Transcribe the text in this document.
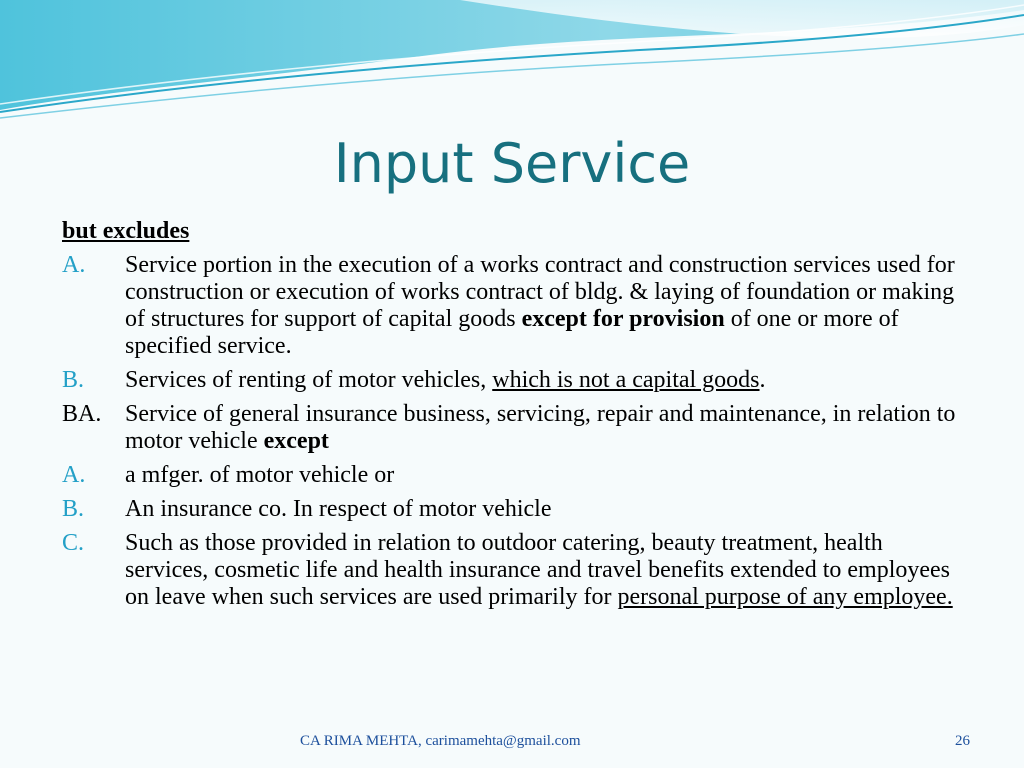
Input Service
but excludes
A.	Service portion in the execution of a works contract and construction services used for construction or execution of works contract of bldg. & laying of foundation or making of structures for support of capital goods except for provision of one or more of specified service.
B.	Services of renting of motor vehicles, which is not a capital goods.
BA. Service of general insurance business, servicing, repair and maintenance, in relation to motor vehicle except
A.	a mfger. of motor vehicle or
B.	An insurance co. In respect of motor vehicle
C.	Such as those provided in relation to outdoor catering, beauty treatment, health services, cosmetic life and health insurance and travel benefits extended to employees on leave when such services are used primarily for personal purpose of any employee.
CA RIMA MEHTA, carimamehta@gmail.com	26
